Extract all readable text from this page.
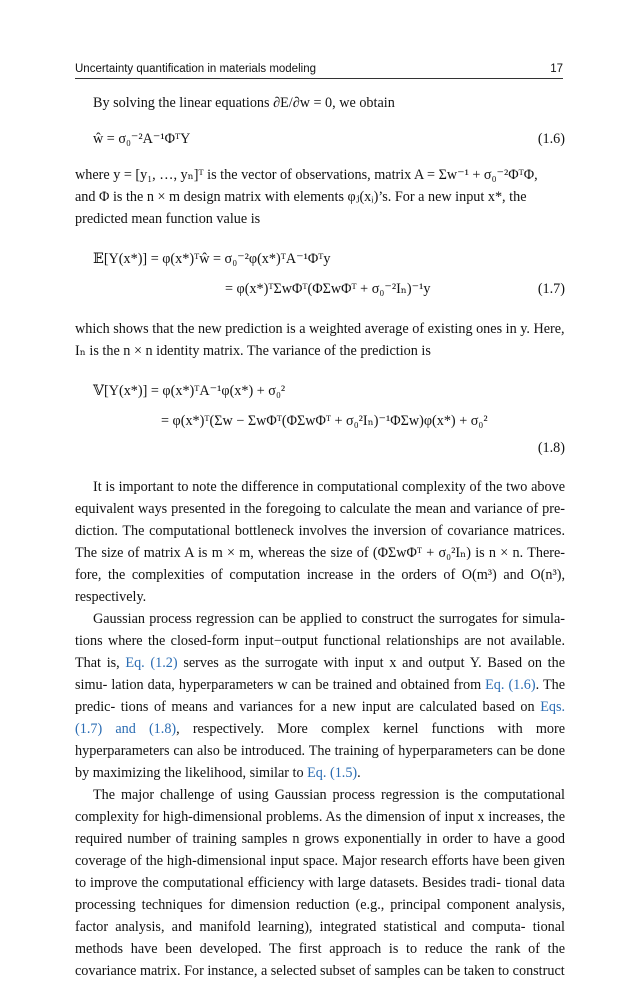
Uncertainty quantification in materials modeling	17

By solving the linear equations ∂E/∂w = 0, we obtain

ŵ = σ₀⁻²A⁻¹ΦᵀY	(1.6)

where y = [y₁, …, yₙ]ᵀ is the vector of observations, matrix A = Σw⁻¹ + σ₀⁻²ΦᵀΦ,
and Φ is the n × m design matrix with elements φⱼ(xᵢ)’s. For a new input x*, the
predicted mean function value is

𝔼[Y(x*)] = φ(x*)ᵀŵ = σ₀⁻²φ(x*)ᵀA⁻¹Φᵀy
= φ(x*)ᵀΣwΦᵀ(ΦΣwΦᵀ + σ₀⁻²Iₙ)⁻¹y	(1.7)

which shows that the new prediction is a weighted average of existing ones in y. Here,
Iₙ is the n × n identity matrix. The variance of the prediction is

𝕍[Y(x*)] = φ(x*)ᵀA⁻¹φ(x*) + σ₀²
= φ(x*)ᵀ(Σw − ΣwΦᵀ(ΦΣwΦᵀ + σ₀²Iₙ)⁻¹ΦΣw)φ(x*) + σ₀²
(1.8)

It is important to note the difference in computational complexity of the two above equivalent ways presented in the foregoing to calculate the mean and variance of pre- diction. The computational bottleneck involves the inversion of covariance matrices. The size of matrix A is m × m, whereas the size of (ΦΣwΦᵀ + σ₀²Iₙ) is n × n. There- fore, the complexities of computation increase in the orders of O(m³) and O(n³), respectively.

Gaussian process regression can be applied to construct the surrogates for simula- tions where the closed-form input−output functional relationships are not available. That is, Eq. (1.2) serves as the surrogate with input x and output Y. Based on the simu- lation data, hyperparameters w can be trained and obtained from Eq. (1.6). The predic- tions of means and variances for a new input are calculated based on Eqs. (1.7) and (1.8), respectively. More complex kernel functions with more hyperparameters can also be introduced. The training of hyperparameters can be done by maximizing the likelihood, similar to Eq. (1.5).

The major challenge of using Gaussian process regression is the computational complexity for high-dimensional problems. As the dimension of input x increases, the required number of training samples n grows exponentially in order to have a good coverage of the high-dimensional input space. Major research efforts have been given to improve the computational efficiency with large datasets. Besides tradi- tional data processing techniques for dimension reduction (e.g., principal component analysis, factor analysis, and manifold learning), integrated statistical and computa- tional methods have been developed. The first approach is to reduce the rank of the covariance matrix. For instance, a selected subset of samples can be taken to construct
